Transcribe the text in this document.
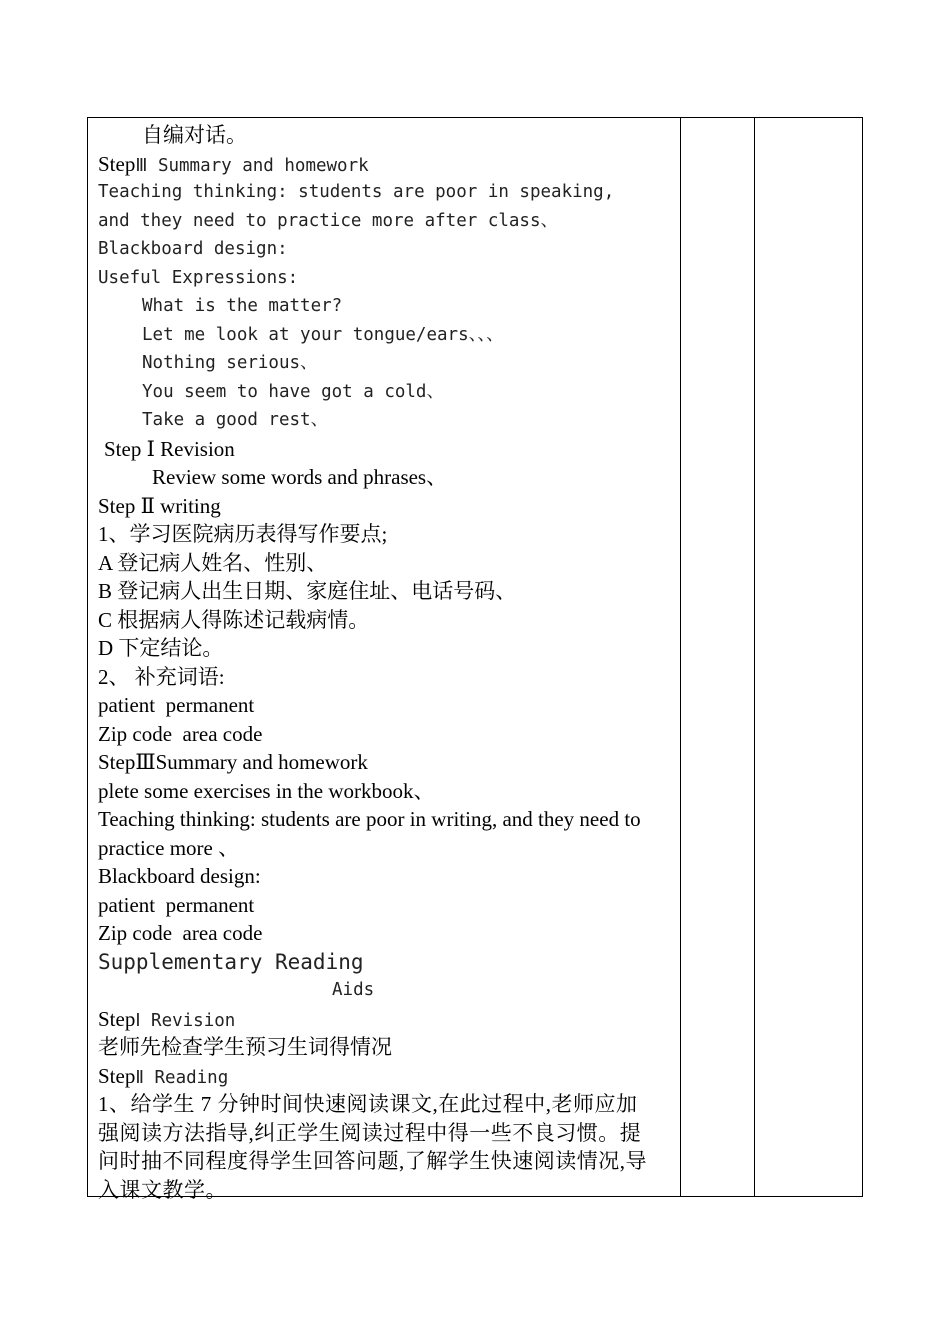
自编对话。
StepⅢ Summary and homework
Teaching thinking: students are poor in speaking,
and they need to practice more after class、
Blackboard design:
Useful Expressions:
What is the matter?
Let me look at your tongue/ears、、、
Nothing serious、
You seem to have got a cold、
Take a good rest、
Step Ⅰ Revision
Review some words and phrases、
Step Ⅱ writing
1、学习医院病历表得写作要点;
A 登记病人姓名、性别、
B 登记病人出生日期、家庭住址、电话号码、
C 根据病人得陈述记载病情。
D 下定结论。
2、 补充词语:
patient  permanent
Zip code  area code
StepⅢSummary and homework
plete some exercises in the workbook、
Teaching thinking: students are poor in writing, and they need to
practice more 、
Blackboard design:
patient  permanent
Zip code  area code
Supplementary Reading
Aids
StepⅠ Revision
老师先检查学生预习生词得情况
StepⅡ Reading
1、给学生 7 分钟时间快速阅读课文,在此过程中,老师应加
强阅读方法指导,纠正学生阅读过程中得一些不良习惯。提
问时抽不同程度得学生回答问题,了解学生快速阅读情况,导
入课文教学。
